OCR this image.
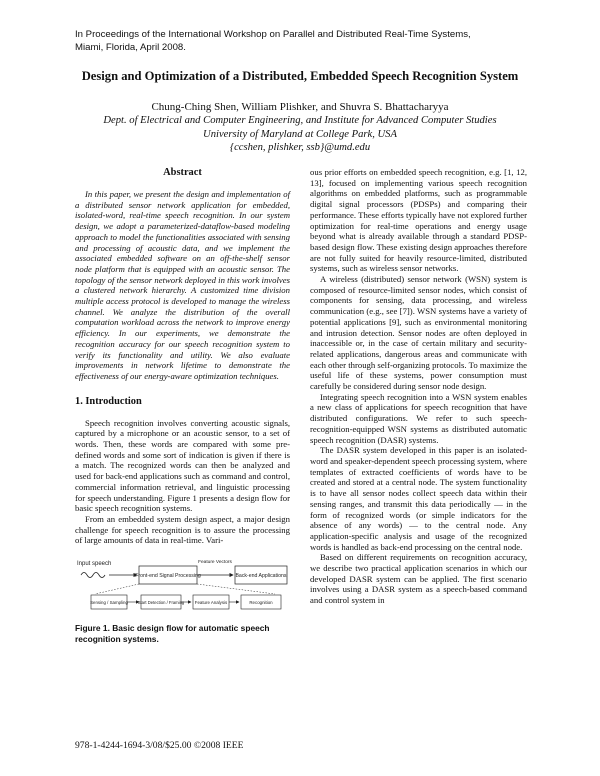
In Proceedings of the International Workshop on Parallel and Distributed Real-Time Systems,
Miami, Florida, April 2008.
Design and Optimization of a Distributed, Embedded Speech Recognition System
Chung-Ching Shen, William Plishker, and Shuvra S. Bhattacharyya
Dept. of Electrical and Computer Engineering, and Institute for Advanced Computer Studies
University of Maryland at College Park, USA
{ccshen, plishker, ssb}@umd.edu
Abstract

In this paper, we present the design and implementation of a distributed sensor network application for embedded, isolated-word, real-time speech recognition. In our system design, we adopt a parameterized-dataflow-based modeling approach to model the functionalities associated with sensing and processing of acoustic data, and we implement the associated embedded software on an off-the-shelf sensor node platform that is equipped with an acoustic sensor. The topology of the sensor network deployed in this work involves a clustered network hierarchy. A customized time division multiple access protocol is developed to manage the wireless channel. We analyze the distribution of the overall computation workload across the network to improve energy efficiency. In our experiments, we demonstrate the recognition accuracy for our speech recognition system to verify its functionality and utility. We also evaluate improvements in network lifetime to demonstrate the effectiveness of our energy-aware optimization techniques.

1. Introduction

Speech recognition involves converting acoustic signals, captured by a microphone or an acoustic sensor, to a set of words. Then, these words are compared with some pre-defined words and some sort of indication is given if there is a match. The recognized words can then be analyzed and used for back-end applications such as command and control, commercial information retrieval, and linguistic processing for speech understanding. Figure 1 presents a design flow for basic speech recognition systems.

From an embedded system design aspect, a major design challenge for speech recognition is to assure the processing of large amounts of data in real-time. Vari-

Input speech
Front-end Signal Processing
Feature Vectors
Back-end Applications
Sensing / Sampling Start Detection / Framing Feature Analysis	Recognition
Figure 1. Basic design flow for automatic speech recognition systems.

ous prior efforts on embedded speech recognition, e.g. [1, 12, 13], focused on implementing various speech recognition algorithms on embedded platforms, such as programmable digital signal processors (PDSPs) and comparing their performance. These efforts typically have not explored further optimization for real-time operations and energy usage beyond what is already available through a standard PDSP-based design flow. These existing design approaches therefore are not fully suited for heavily resource-limited, distributed systems, such as wireless sensor networks.

A wireless (distributed) sensor network (WSN) system is composed of resource-limited sensor nodes, which consist of components for sensing, data processing, and wireless communication (e.g., see [7]). WSN systems have a variety of potential applications [9], such as environmental monitoring and intrusion detection. Sensor nodes are often deployed in inaccessible or, in the case of certain military and security-related applications, dangerous areas and communicate with each other through self-organizing protocols. To maximize the useful life of these systems, power consumption must carefully be considered during sensor node design.

Integrating speech recognition into a WSN system enables a new class of applications for speech recognition that have distributed configurations. We refer to such speech-recognition-equipped WSN systems as distributed automatic speech recognition (DASR) systems.

The DASR system developed in this paper is an isolated-word and speaker-dependent speech processing system, where templates of extracted coefficients of words have to be created and stored at a central node. The system functionality is to have all sensor nodes collect speech data within their sensing ranges, and transmit this data periodically — in the form of recognized words (or simple indicators for the absence of any words) — to the central node. Any application-specific analysis and usage of the recognized words is handled as back-end processing on the central node.

Based on different requirements on recognition accuracy, we describe two practical application scenarios in which our developed DASR system can be applied. The first scenario involves using a DASR system as a speech-based command and control system in

978-1-4244-1694-3/08/$25.00 ©2008 IEEE
